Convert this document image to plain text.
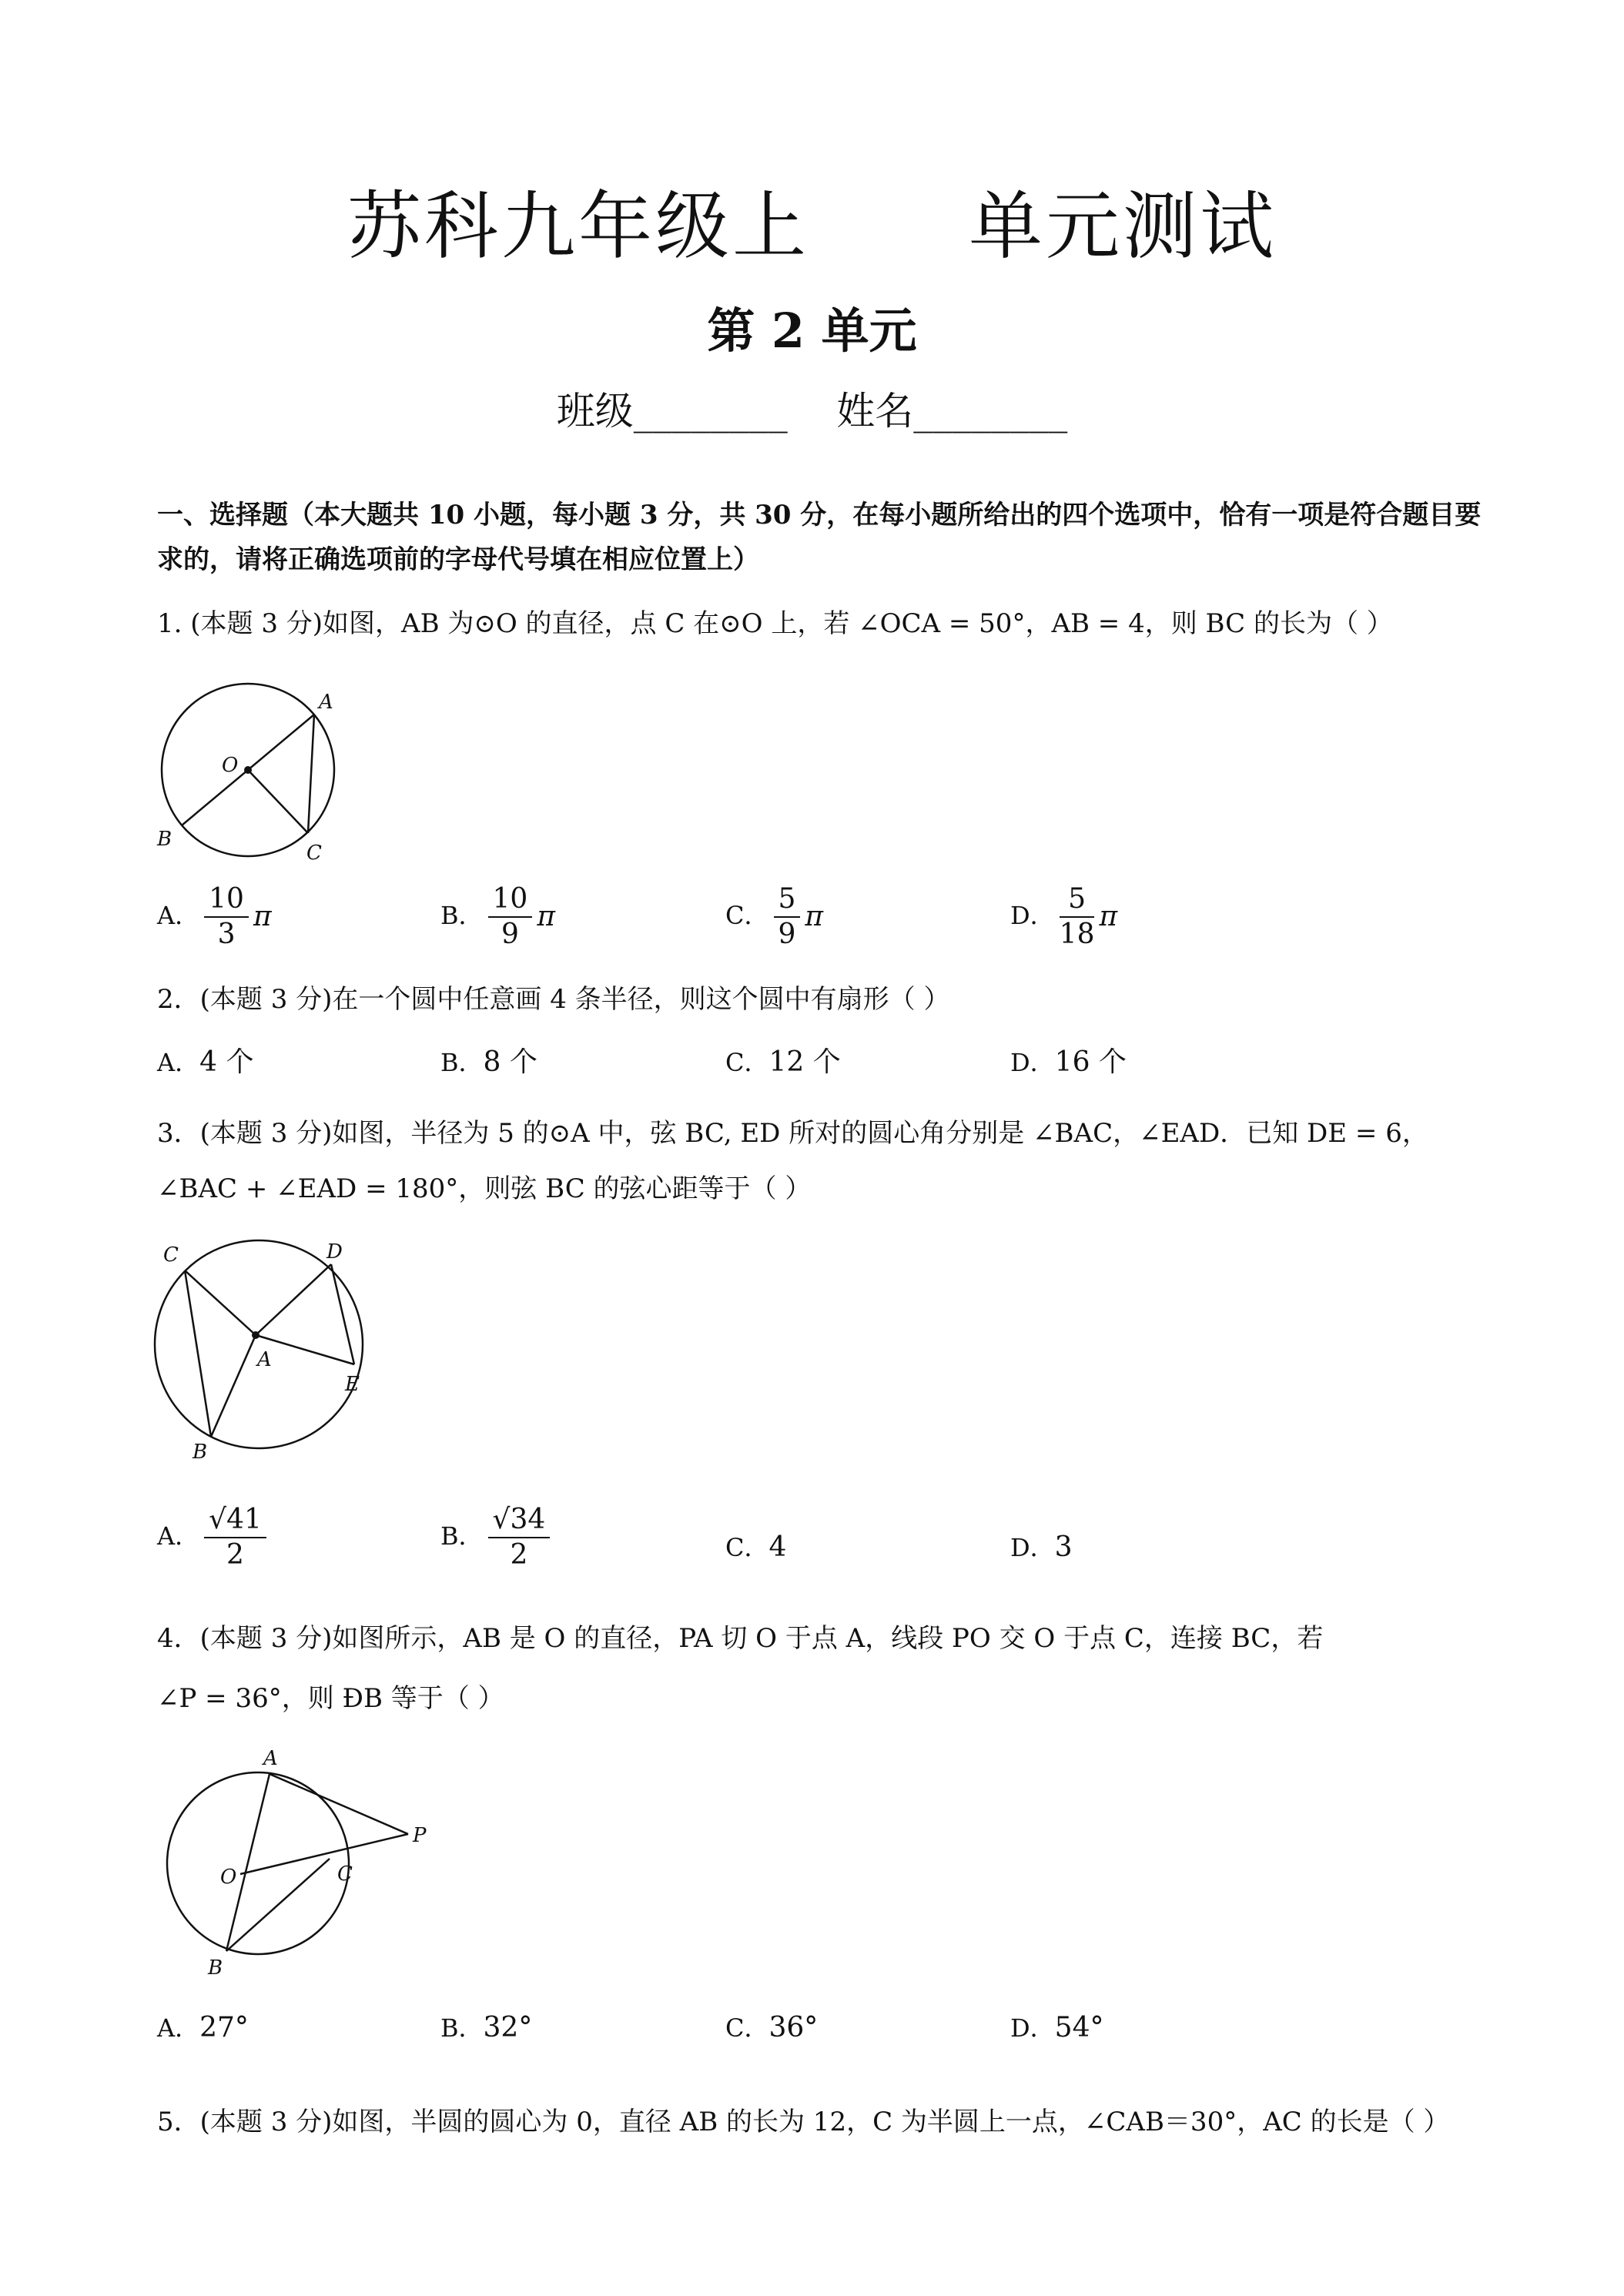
苏科九年级上      单元测试
第 2 单元
班级________    姓名________
一、选择题（本大题共 10 小题，每小题 3 分，共 30 分，在每小题所给出的四个选项中，恰有一项是符合题目要求的，请将正确选项前的字母代号填在相应位置上）
1. (本题 3 分)如图，AB 为⊙O 的直径，点 C 在⊙O 上，若 ∠OCA = 50°，AB = 4，则 BC 的长为（ ）
A
O
B
C
A． $\frac{10}{3}$ π	B． $\frac{10}{9}$ π	C． $\frac{5}{9}$ π	D． $\frac{5}{18}$ π
2．(本题 3 分)在一个圆中任意画 4 条半径，则这个圆中有扇形（ ）
A．4 个	B．8 个	C．12 个	D．16 个
3．(本题 3 分)如图，半径为 5 的⊙A 中，弦 BC, ED 所对的圆心角分别是 ∠BAC，∠EAD．已知 DE = 6，
∠BAC + ∠EAD = 180°，则弦 BC 的弦心距等于（ ）
C	D
A
E
B
A． $\frac{√41}{2}$	B． $\frac{√34}{2}$	C．4	D．3
4．(本题 3 分)如图所示，AB 是 O 的直径，PA 切 O 于点 A，线段 PO 交 O 于点 C，连接 BC，若
∠P = 36°，则 ÐB 等于（ ）
A
P
O	C
B
A．27°	B．32°	C．36°	D．54°
5．(本题 3 分)如图，半圆的圆心为 0，直径 AB 的长为 12，C 为半圆上一点，∠CAB＝30°，AC 的长是（ ）
